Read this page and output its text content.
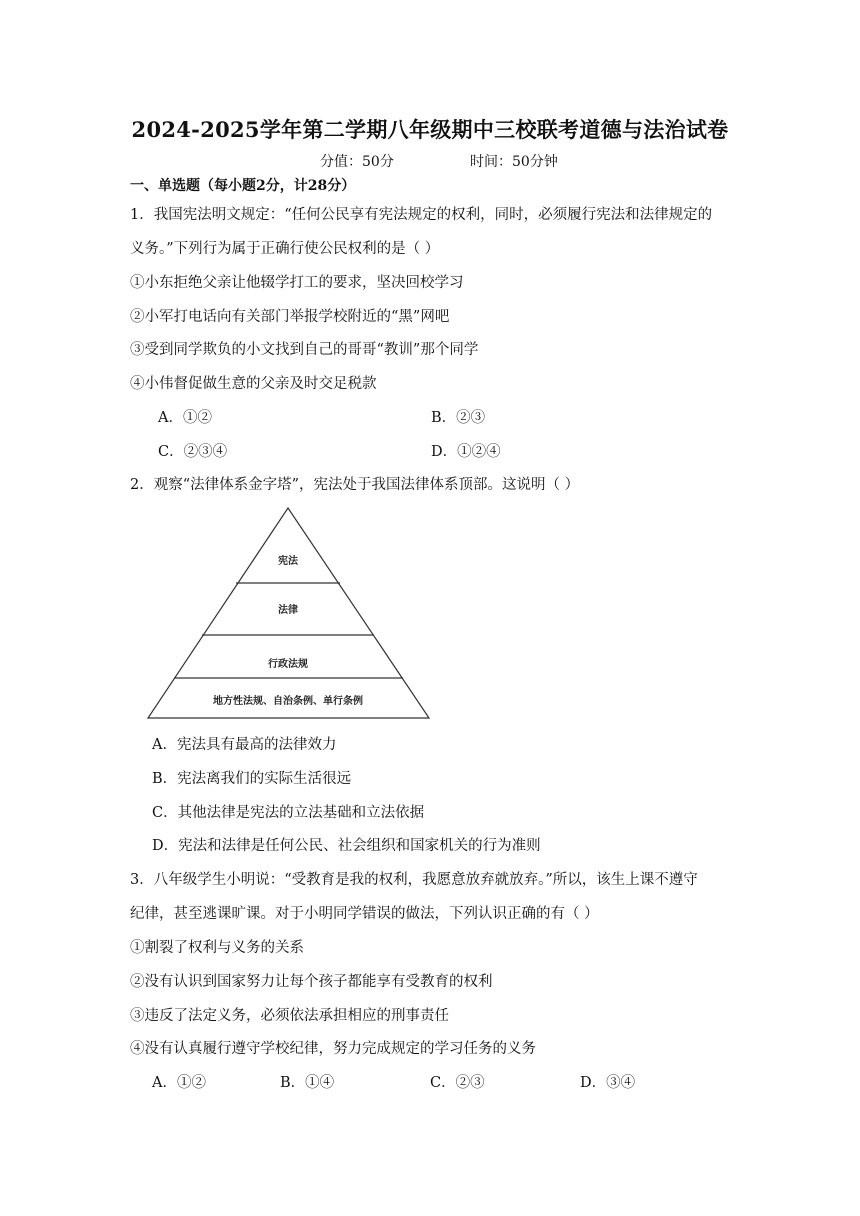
2024-2025学年第二学期八年级期中三校联考道德与法治试卷
分值：50分	时间：50分钟
一、单选题（每小题2分，计28分）
1．我国宪法明文规定：“任何公民享有宪法规定的权利，同时，必须履行宪法和法律规定的
义务。”下列行为属于正确行使公民权利的是（ ）
①小东拒绝父亲让他辍学打工的要求，坚决回校学习
②小军打电话向有关部门举报学校附近的“黑”网吧
③受到同学欺负的小文找到自己的哥哥“教训”那个同学
④小伟督促做生意的父亲及时交足税款
A．①②	B．②③
C．②③④	D．①②④
2．观察“法律体系金字塔”，宪法处于我国法律体系顶部。这说明（ ）
宪法
法律
行政法规
地方性法规、自治条例、单行条例
A．宪法具有最高的法律效力
B．宪法离我们的实际生活很远
C．其他法律是宪法的立法基础和立法依据
D．宪法和法律是任何公民、社会组织和国家机关的行为准则
3．八年级学生小明说：“受教育是我的权利，我愿意放弃就放弃。”所以，该生上课不遵守
纪律，甚至逃课旷课。对于小明同学错误的做法，下列认识正确的有（ ）
①割裂了权利与义务的关系
②没有认识到国家努力让每个孩子都能享有受教育的权利
③违反了法定义务，必须依法承担相应的刑事责任
④没有认真履行遵守学校纪律，努力完成规定的学习任务的义务
A．①②	B．①④	C．②③	D．③④
